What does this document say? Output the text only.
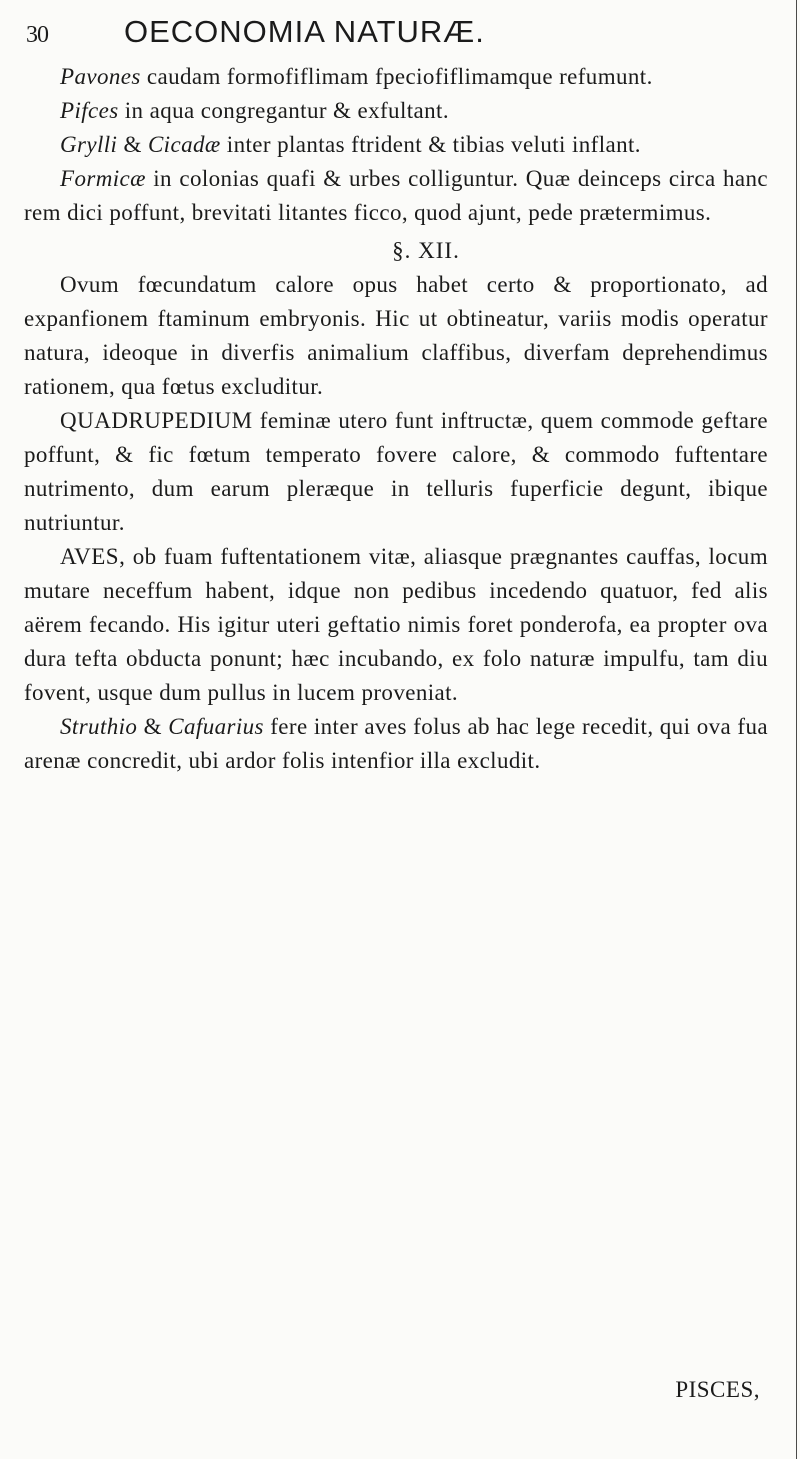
30 OECONOMIA NATURÆ.

Pavones caudam formofiflimam fpeciofiflimamque refumunt.

Pifces in aqua congregantur & exfultant.

Grylli & Cicadæ inter plantas ftrident & tibias veluti inflant.

Formicæ in colonias quafi & urbes colliguntur. Quæ deinceps circa hanc rem dici poffunt, brevitati litantes ficco, quod ajunt, pede prætermimus.

§. XII.

Ovum fœcundatum calore opus habet certo & proportionato, ad expanfionem ftaminum embryonis. Hic ut obtineatur, variis modis operatur natura, ideoque in diverfis animalium claffibus, diverfam deprehendimus rationem, qua fœtus excluditur.

QUADRUPEDIUM feminæ utero funt inftructæ, quem commode geftare poffunt, & fic fœtum temperato fovere calore, & commodo fuftentare nutrimento, dum earum pleræque in telluris fuperficie degunt, ibique nutriuntur.

AVES, ob fuam fuftentationem vitæ, aliasque prægnantes cauffas, locum mutare neceffum habent, idque non pedibus incedendo quatuor, fed alis aërem fecando. His igitur uteri geftatio nimis foret ponderofa, ea propter ova dura tefta obducta ponunt; hæc incubando, ex folo naturæ impulfu, tam diu fovent, usque dum pullus in lucem proveniat.

Struthio & Cafuarius fere inter aves folus ab hac lege recedit, qui ova fua arenæ concredit, ubi ardor folis intenfior illa excludit.

PISCES,
